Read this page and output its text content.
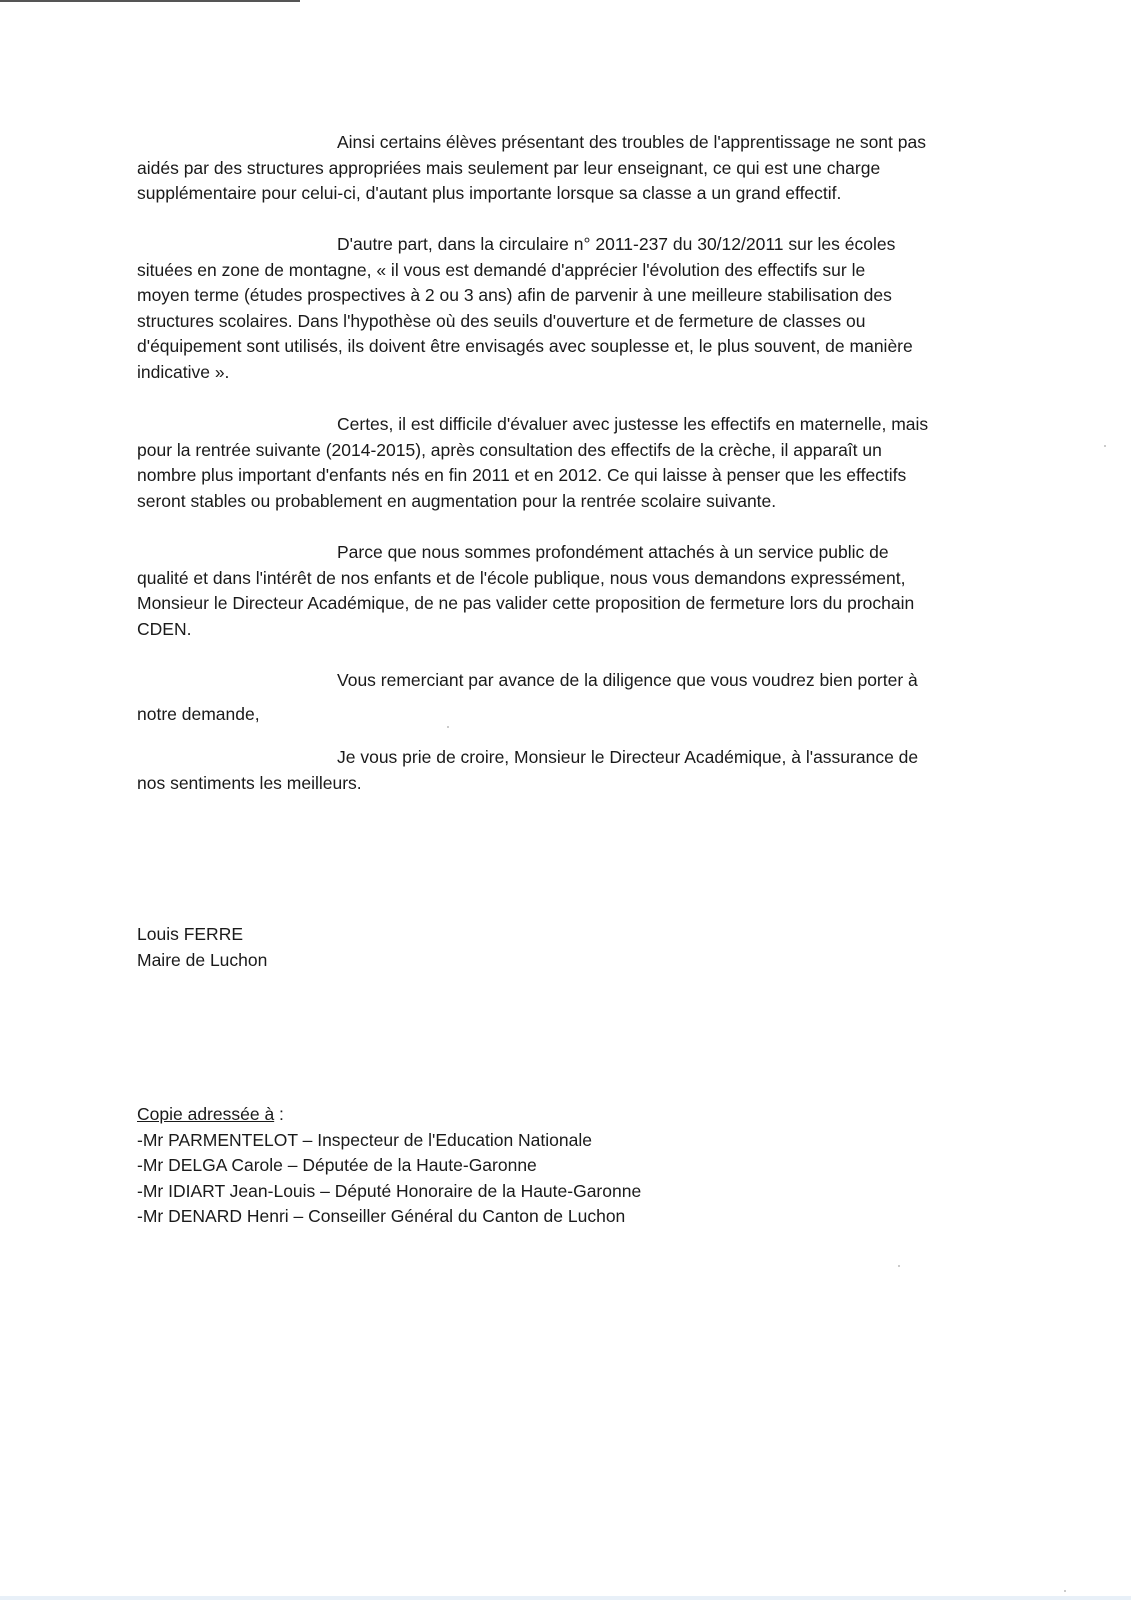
Ainsi certains élèves présentant des troubles de l'apprentissage ne sont pas
aidés par des structures appropriées mais seulement par leur enseignant, ce qui est une charge
supplémentaire pour celui-ci, d'autant plus importante lorsque sa classe a un grand effectif.
D'autre part, dans la circulaire n° 2011-237 du 30/12/2011 sur les écoles
situées en zone de montagne, « il vous est demandé d'apprécier l'évolution des effectifs sur le
moyen terme (études prospectives à 2 ou 3 ans) afin de parvenir à une meilleure stabilisation des
structures scolaires. Dans l'hypothèse où des seuils d'ouverture et de fermeture de classes ou
d'équipement sont utilisés, ils doivent être envisagés avec souplesse et, le plus souvent, de manière
indicative ».
Certes, il est difficile d'évaluer avec justesse les effectifs en maternelle, mais
pour la rentrée suivante (2014-2015), après consultation des effectifs de la crèche, il apparaît un
nombre plus important d'enfants nés en fin 2011 et en 2012. Ce qui laisse à penser que les effectifs
seront stables ou probablement en augmentation pour la rentrée scolaire suivante.
Parce que nous sommes profondément attachés à un service public de
qualité et dans l'intérêt de nos enfants et de l'école publique, nous vous demandons expressément,
Monsieur le Directeur Académique, de ne pas valider cette proposition de fermeture lors du prochain
CDEN.
Vous remerciant par avance de la diligence que vous voudrez bien porter à
notre demande,
Je vous prie de croire, Monsieur le Directeur Académique, à l'assurance de
nos sentiments les meilleurs.
Louis FERRE
Maire de Luchon
Copie adressée à :
-Mr PARMENTELOT – Inspecteur de l'Education Nationale
-Mr DELGA Carole – Députée de la Haute-Garonne
-Mr IDIART Jean-Louis – Député Honoraire de la Haute-Garonne
-Mr DENARD Henri – Conseiller Général du Canton de Luchon
